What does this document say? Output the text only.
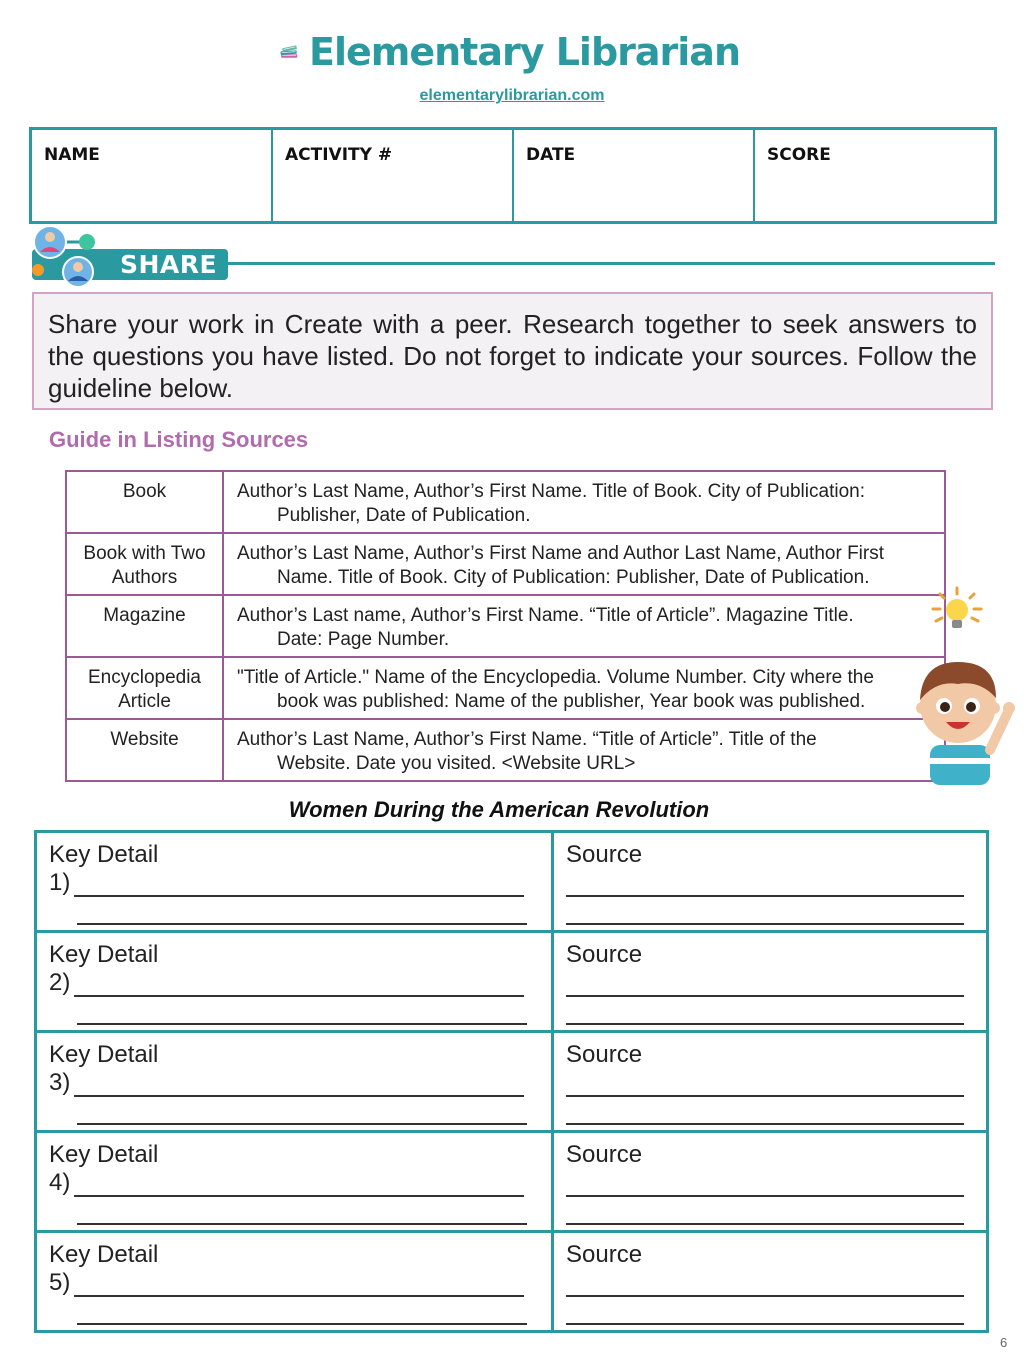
Elementary Librarian
elementarylibrarian.com
NAME	ACTIVITY #	DATE	SCORE
SHARE
Share your work in Create with a peer. Research together to seek answers to the questions you have listed. Do not forget to indicate your sources. Follow the guideline below.
Guide in Listing Sources
Book	Author’s Last Name, Author’s First Name. Title of Book. City of Publication:
Publisher, Date of Publication.

Book with Two Authors	Author’s Last Name, Author’s First Name and Author Last Name, Author First
Name. Title of Book. City of Publication: Publisher, Date of Publication.

Magazine	Author’s Last name, Author’s First Name. “Title of Article”. Magazine Title.
Date: Page Number.

Encyclopedia Article	"Title of Article." Name of the Encyclopedia. Volume Number. City where the
book was published: Name of the publisher, Year book was published.

Website	Author’s Last Name, Author’s First Name. “Title of Article”. Title of the
Website. Date you visited. <Website URL>
Women During the American Revolution
Key Detail
1)
Source
Key Detail
2)
Source
Key Detail
3)
Source
Key Detail
4)
Source
Key Detail
5)
Source
6
